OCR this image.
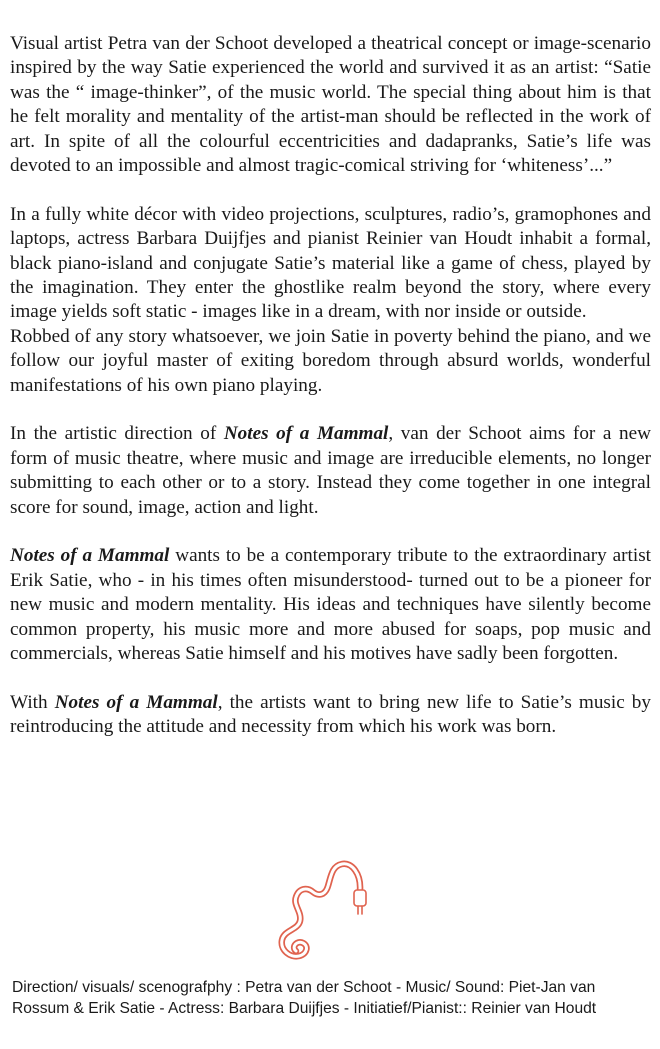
Visual artist Petra van der Schoot developed a theatrical concept or image-scenario inspired by the way Satie experienced the world and survived it as an artist: “Satie was the “ image-thinker”, of the music world. The special thing about him is that he felt morality and mentality of the artist-man should be reflected in the work of art. In spite of all the colourful eccentricities and dadapranks, Satie’s life was devoted to an impossible and almost tragic-comical striving for ‘whiteness’...”

In a fully white décor with video projections, sculptures, radio’s, gramophones and laptops, actress Barbara Duijfjes and pianist Reinier van Houdt inhabit a formal, black piano-island and conjugate Satie’s material like a game of chess, played by the imagination. They enter the ghostlike realm beyond the story, where every image yields soft static - images like in a dream, with nor inside or outside.

Robbed of any story whatsoever, we join Satie in poverty behind the piano, and we follow our joyful master of exiting boredom through absurd worlds, wonderful manifestations of his own piano playing.

In the artistic direction of Notes of a Mammal, van der Schoot aims for a new form of music theatre, where music and image are irreducible elements, no longer submitting to each other or to a story. Instead they come together in one integral score for sound, image, action and light.

Notes of a Mammal wants to be a contemporary tribute to the extraordinary artist Erik Satie, who - in his times often misunderstood- turned out to be a pioneer for new music and modern mentality. His ideas and techniques have silently become common property, his music more and more abused for soaps, pop music and commercials, whereas Satie himself and his motives have sadly been forgotten.

With Notes of a Mammal, the artists want to bring new life to Satie’s music by reintroducing the attitude and necessity from which his work was born.

Direction/ visuals/ scenografphy : Petra van der Schoot - Music/ Sound: Piet-Jan van Rossum & Erik Satie - Actress: Barbara Duijfjes - Initiatief/Pianist:: Reinier van Houdt
